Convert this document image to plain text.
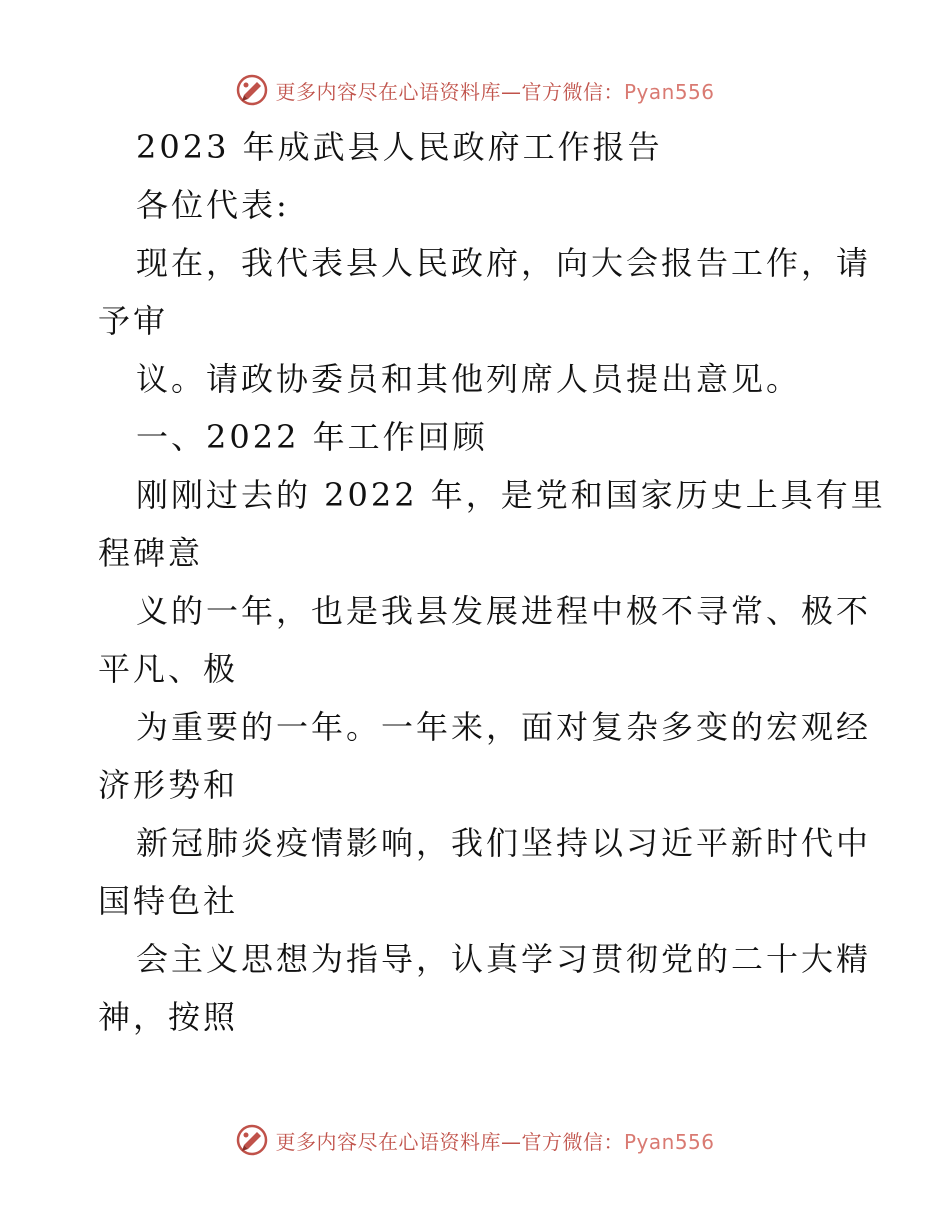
更多内容尽在心语资料库—官方微信：Pyan556
2023 年成武县人民政府工作报告
各位代表:
现在，我代表县人民政府，向大会报告工作，请
予审
议。请政协委员和其他列席人员提出意见。
一、2022 年工作回顾
刚刚过去的 2022 年，是党和国家历史上具有里
程碑意
义的一年，也是我县发展进程中极不寻常、极不
平凡、极
为重要的一年。一年来，面对复杂多变的宏观经
济形势和
新冠肺炎疫情影响，我们坚持以习近平新时代中
国特色社
会主义思想为指导，认真学习贯彻党的二十大精
神，按照
更多内容尽在心语资料库—官方微信：Pyan556
